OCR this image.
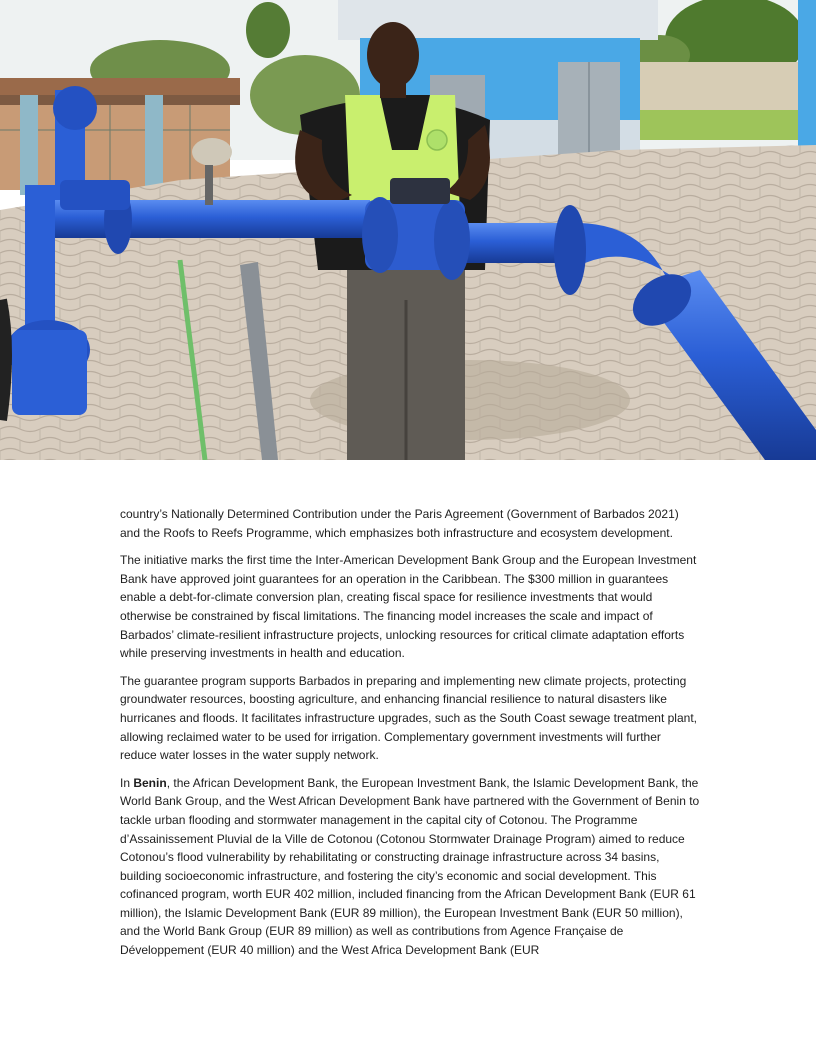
country’s Nationally Determined Contribution under the Paris Agreement (Government of Barbados 2021) and the Roofs to Reefs Programme, which emphasizes both infrastructure and ecosystem development.

The initiative marks the first time the Inter-American Development Bank Group and the European Investment Bank have approved joint guarantees for an operation in the Caribbean. The $300 million in guarantees enable a debt-for-climate conversion plan, creating fiscal space for resilience investments that would otherwise be constrained by fiscal limitations. The financing model increases the scale and impact of Barbados’ climate-resilient infrastructure projects, unlocking resources for critical climate adaptation efforts while preserving investments in health and education.

The guarantee program supports Barbados in preparing and implementing new climate projects, protecting groundwater resources, boosting agriculture, and enhancing financial resilience to natural disasters like hurricanes and floods. It facilitates infrastructure upgrades, such as the South Coast sewage treatment plant, allowing reclaimed water to be used for irrigation. Complementary government investments will further reduce water losses in the water supply network.

In Benin, the African Development Bank, the European Investment Bank, the Islamic Development Bank, the World Bank Group, and the West African Development Bank have partnered with the Government of Benin to tackle urban flooding and stormwater management in the capital city of Cotonou. The Programme d’Assainissement Pluvial de la Ville de Cotonou (Cotonou Stormwater Drainage Program) aimed to reduce Cotonou’s flood vulnerability by rehabilitating or constructing drainage infrastructure across 34 basins, building socioeconomic infrastructure, and fostering the city’s economic and social development. This cofinanced program, worth EUR 402 million, included financing from the African Development Bank (EUR 61 million), the Islamic Development Bank (EUR 89 million), the European Investment Bank (EUR 50 million), and the World Bank Group (EUR 89 million) as well as contributions from Agence Française de Développement (EUR 40 million) and the West Africa Development Bank (EUR
